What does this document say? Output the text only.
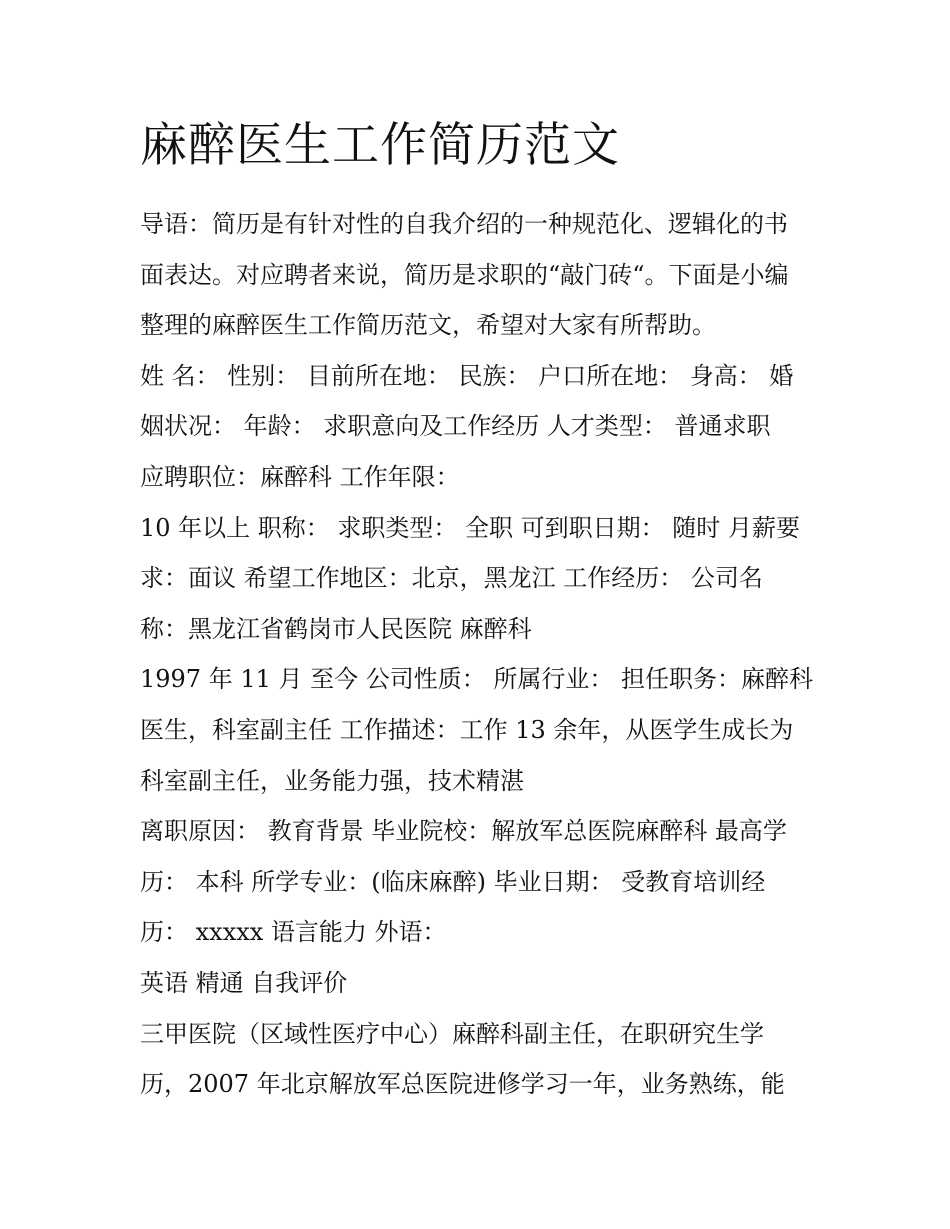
麻醉医生工作简历范文
导语：简历是有针对性的自我介绍的一种规范化、逻辑化的书
面表达。对应聘者来说，简历是求职的“敲门砖“。下面是小编
整理的麻醉医生工作简历范文，希望对大家有所帮助。
姓 名： 性别： 目前所在地： 民族： 户口所在地： 身高： 婚
姻状况： 年龄： 求职意向及工作经历 人才类型： 普通求职
应聘职位：麻醉科 工作年限：
10 年以上 职称： 求职类型： 全职 可到职日期： 随时 月薪要
求：面议 希望工作地区：北京，黑龙江 工作经历： 公司名
称：黑龙江省鹤岗市人民医院 麻醉科
1997 年 11 月 至今 公司性质： 所属行业： 担任职务：麻醉科
医生，科室副主任 工作描述：工作 13 余年，从医学生成长为
科室副主任，业务能力强，技术精湛
离职原因： 教育背景 毕业院校：解放军总医院麻醉科 最高学
历： 本科 所学专业：(临床麻醉) 毕业日期： 受教育培训经
历： xxxxx 语言能力 外语：
英语 精通 自我评价
三甲医院（区域性医疗中心）麻醉科副主任，在职研究生学
历，2007 年北京解放军总医院进修学习一年，业务熟练，能
